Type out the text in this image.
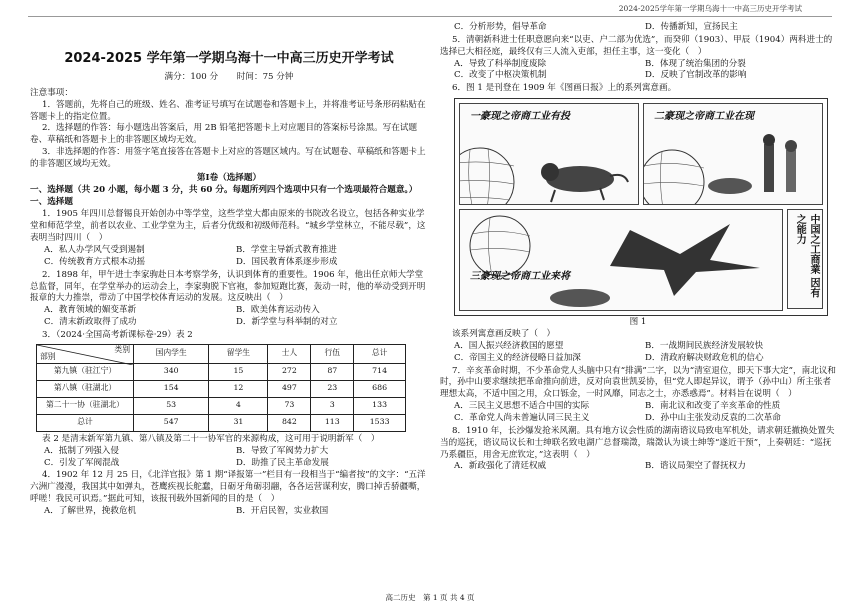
2024-2025学年第一学期乌海十一中高三历史开学考试
2024-2025 学年第一学期乌海十一中高三历史开学考试
满分：100 分 时间：75 分钟

注意事项：

1．答题前，先将自己的班级、姓名、准考证号填写在试题卷和答题卡上，并将准考证号条形码粘贴在答题卡上的指定位置。

2．选择题的作答：每小题选出答案后，用 2B 铅笔把答题卡上对应题目的答案标号涂黑。写在试题卷、草稿纸和答题卡上的非答题区域均无效。

3．非选择题的作答：用签字笔直接答在答题卡上对应的答题区域内。写在试题卷、草稿纸和答题卡上的非答题区域均无效。

第Ⅰ卷（选择题）

一、选择题（共 20 小题，每小题 3 分，共 60 分。每题所列四个选项中只有一个选项最符合题意。）

一、选择题

1．1905 年四川总督锡良开始创办中等学堂，这些学堂大都由原来的书院改名设立，包括各种实业学堂和师范学堂，前者以农业、工业学堂为主，后者分优级和初级师范科。“城乡学堂林立，不能尽载”，这表明当时四川（　）

A．私人办学风气受到遏制	B．学堂主导新式教育推进
C．传统教育方式根本动摇	D．国民教育体系逐步形成

2．1898 年，甲午进士李家驹赴日本考察学务，认识到体育的重要性。1906 年，他出任京师大学堂总监督，同年，在学堂举办的运动会上，李家驹脱下官袍，参加短跑比赛，轰动一时，他的举动受到开明报章的大力推崇，带动了中国学校体育运动的发展。这反映出（　）

A．教育领域的媚变革新	B．欧美体育运动传入
C．清末新政取得了成功	D．新学堂与科举制的对立

3．（2024·全国高考新课标卷·29）表 2

类别
部别	国内学生	留学生	士人	行伍	总计
第九镇（驻江宁）	340	15	272	87	714
第八镇（驻湖北）	154	12	497	23	686
第二十一协（驻湖北）	53	4	73	3	133
总计	547	31	842	113	1533

表 2 是清末新军第九镇、第八镇及第二十一协军官的来源构成，这可用于说明新军（　）

A．抵制了列强入侵	B．导致了军阀势力扩大
C．引发了军阀混战	D．助推了民主革命发展

4．1902 年 12 月 25 日，《北洋官报》第 1 期“译报第一”栏目有一段相当于“编者按”的文字：“五洋六洲广漫漫，我国其中如弹丸，苍鹰疾视长舵蠢，日砺牙角砺羽翮，各各运营谋利安，腾口掉舌骄疆嘶，呼嗟！我民可识焉。”据此可知，该报刊载外国新闻的目的是（　）

A．了解世界，挽救危机	B．开启民智，实业救国
C．分析形势，倡导革命	D．传播新知，宣扬民主

5．清朝新科进士任职意愿向来“以吏、户二部为优选”，而癸卯（1903）、甲辰（1904）两科进士的选择已大相径庭，最终仅有三人流入吏部，担任主事，这一变化（　）

A．导致了科举制度废除	B．体现了统治集团的分裂
C．改变了中枢决策机制	D．反映了官制改革的影响

6．图 1 是刊登在 1909 年《图画日报》上的系列寓意画。

一豪现之帝商工业有投	二豪现之帝商工业在现
三豪现之帝商工业来将	中国之工商業 因有之能力
图 1

该系列寓意画反映了（　）

A．国人振兴经济救国的愿望	B．一战期间民族经济发展较快
C．帝国主义的经济侵略日益加深	D．清政府解决财政危机的信心

7．辛亥革命时期，不少革命党人头脑中只有“排满”二字，以为“清室退位，即天下事大定”，南北议和时，孙中山要求继续把革命推向前进，反对向袁世凯妥协，但“党人即起异议，谓予（孙中山）所主张者理想太高，不适中国之用，众口铄金，一时风靡，同志之士，亦悉惑焉”。材料旨在说明（　）

A．三民主义思想不适合中国的实际	B．南北议和改变了辛亥革命的性质
C．革命党人尚未普遍认同三民主义	D．孙中山主张发动反袁的二次革命

8．1910 年，长沙爆发抢米风潮。具有地方议会性质的湖南谘议局致电军机处，请求朝廷撤换处置失当的巡抚，谘议局议长和士绅联名致电湖广总督瑞澂，瑞澂认为谈士绅等“遂近干预”，上奏朝廷：“巡抚乃系疆臣，用舍无庶钦定，”这表明（　）

A．新政强化了清廷权威	B．谘议局架空了督抚权力
高二历史　第 1 页 共 4 页
